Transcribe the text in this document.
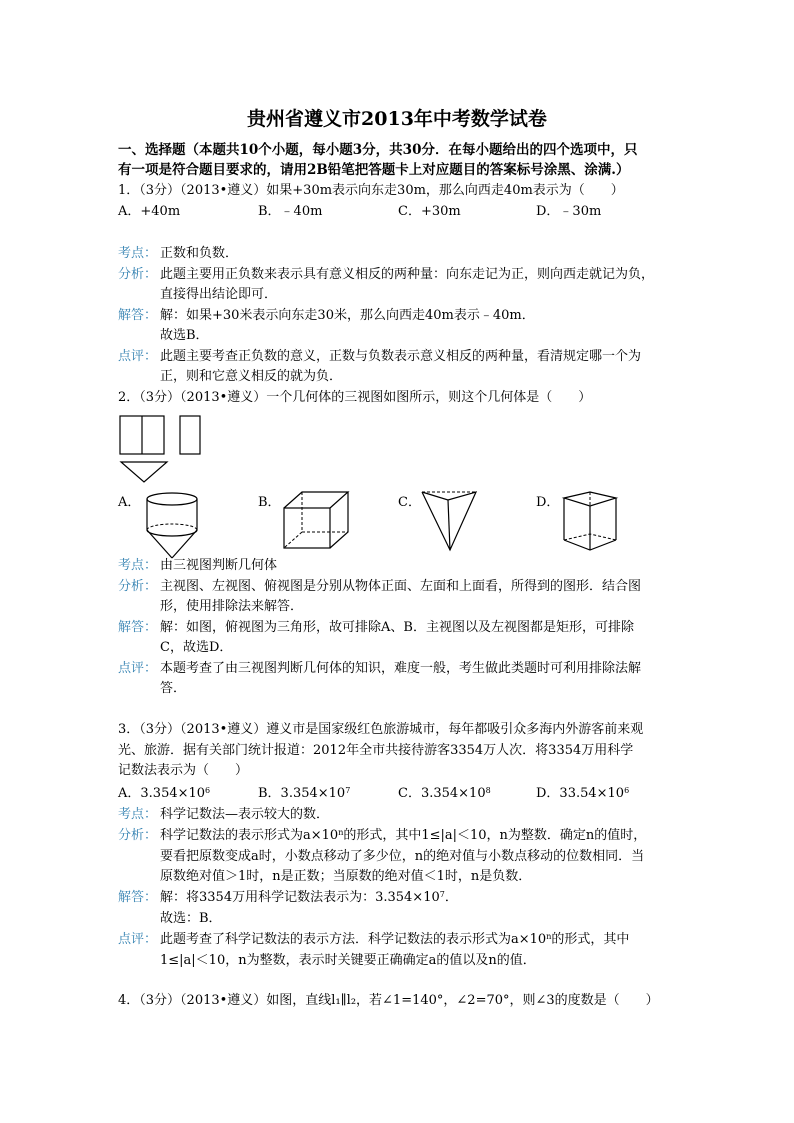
贵州省遵义市2013年中考数学试卷
一、选择题（本题共10个小题，每小题3分，共30分．在每小题给出的四个选项中，只
有一项是符合题目要求的，请用2B铅笔把答题卡上对应题目的答案标号涂黑、涂满.）
1．（3分）（2013•遵义）如果+30m表示向东走30m，那么向西走40m表示为（　　）
A．+40m	B．﹣40m	C．+30m	D．﹣30m
考点： 正数和负数．
分析： 此题主要用正负数来表示具有意义相反的两种量：向东走记为正，则向西走就记为负，
直接得出结论即可．
解答： 解：如果+30米表示向东走30米，那么向西走40m表示﹣40m．
故选B．
点评： 此题主要考查正负数的意义，正数与负数表示意义相反的两种量，看清规定哪一个为
正，则和它意义相反的就为负．
2．（3分）（2013•遵义）一个几何体的三视图如图所示，则这个几何体是（　　）
A．	B．	C．	D．
考点： 由三视图判断几何体
分析： 主视图、左视图、俯视图是分别从物体正面、左面和上面看，所得到的图形．结合图
形，使用排除法来解答．
解答： 解：如图，俯视图为三角形，故可排除A、B．主视图以及左视图都是矩形，可排除
C，故选D．
点评： 本题考查了由三视图判断几何体的知识，难度一般，考生做此类题时可利用排除法解
答．
3．（3分）（2013•遵义）遵义市是国家级红色旅游城市，每年都吸引众多海内外游客前来观
光、旅游．据有关部门统计报道：2012年全市共接待游客3354万人次．将3354万用科学
记数法表示为（　　）
A．$3.354\times 10^6$	B．$3.354\times 10^7$	C．$3.354\times 10^8$	D．$33.54\times 10^6$
考点： 科学记数法—表示较大的数．
分析： 科学记数法的表示形式为$a\times 10^n$的形式，其中1≤|a|＜10，n为整数．确定n的值时，
要看把原数变成a时，小数点移动了多少位，n的绝对值与小数点移动的位数相同．当
原数绝对值＞1时，n是正数；当原数的绝对值＜1时，n是负数．
解答： 解：将3354万用科学记数法表示为：$3.354\times 10^7$．
故选：B．
点评： 此题考查了科学记数法的表示方法．科学记数法的表示形式为$a\times 10^n$的形式，其中
1≤|a|＜10，n为整数，表示时关键要正确确定a的值以及n的值．
4．（3分）（2013•遵义）如图，直线l₁∥l₂，若∠1=140°，∠2=70°，则∠3的度数是（　　）
